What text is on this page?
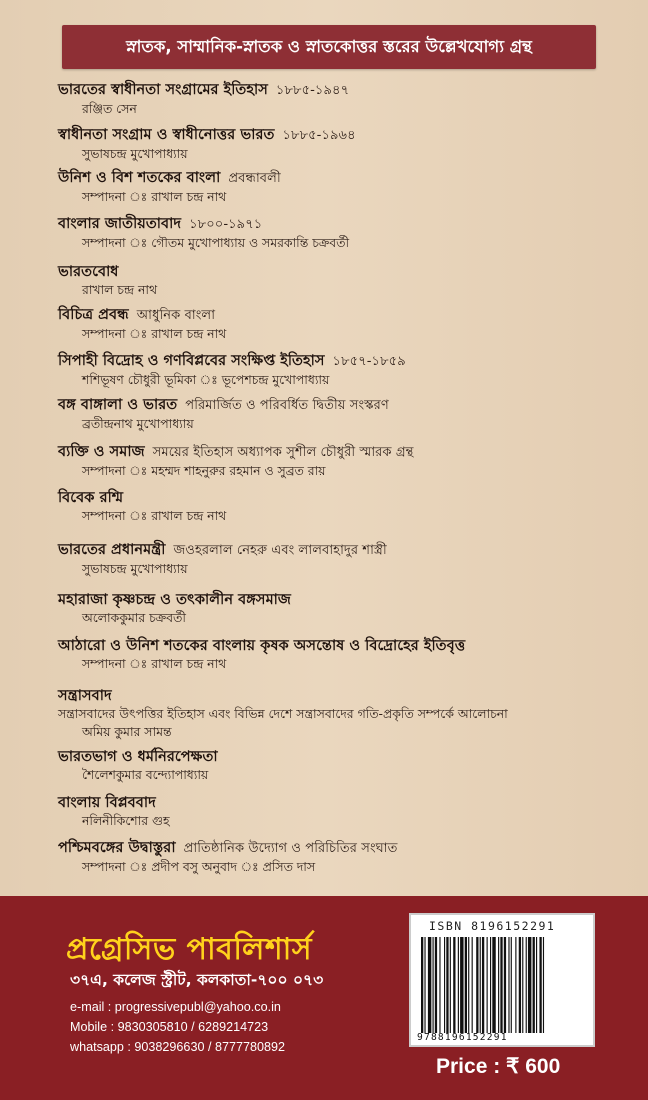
স্নাতক, সাম্মানিক-স্নাতক ও স্নাতকোত্তর স্তরের উল্লেখযোগ্য গ্রন্থ
ভারতের স্বাধীনতা সংগ্রামের ইতিহাস ১৮৮৫-১৯৪৭
রঞ্জিত সেন
স্বাধীনতা সংগ্রাম ও স্বাধীনোত্তর ভারত ১৮৮৫-১৯৬৪
সুভাষচন্দ্র মুখোপাধ্যায়
উনিশ ও বিশ শতকের বাংলা প্রবন্ধাবলী
সম্পাদনা ঃ রাখাল চন্দ্র নাথ
বাংলার জাতীয়তাবাদ ১৮০০-১৯৭১
সম্পাদনা ঃ গৌতম মুখোপাধ্যায় ও সমরকান্তি চক্রবর্তী
ভারতবোধ
রাখাল চন্দ্র নাথ
বিচিত্র প্রবন্ধ আধুনিক বাংলা
সম্পাদনা ঃ রাখাল চন্দ্র নাথ
সিপাহী বিদ্রোহ ও গণবিপ্লবের সংক্ষিপ্ত ইতিহাস ১৮৫৭-১৮৫৯
শশিভূষণ চৌধুরী ভূমিকা ঃ ভূপেশচন্দ্র মুখোপাধ্যায়
বঙ্গ বাঙ্গালা ও ভারত পরিমার্জিত ও পরিবর্ধিত দ্বিতীয় সংস্করণ
ব্রতীন্দ্রনাথ মুখোপাধ্যায়
ব্যক্তি ও সমাজ সময়ের ইতিহাস অধ্যাপক সুশীল চৌধুরী স্মারক গ্রন্থ
সম্পাদনা ঃ মহম্মদ শাহনুরুর রহমান ও সুব্রত রায়
বিবেক রশ্মি
সম্পাদনা ঃ রাখাল চন্দ্র নাথ
ভারতের প্রধানমন্ত্রী জওহরলাল নেহরু এবং লালবাহাদুর শাস্ত্রী
সুভাষচন্দ্র মুখোপাধ্যায়
মহারাজা কৃষ্ণচন্দ্র ও তৎকালীন বঙ্গসমাজ
অলোককুমার চক্রবর্তী
আঠারো ও উনিশ শতকের বাংলায় কৃষক অসন্তোষ ও বিদ্রোহের ইতিবৃত্ত
সম্পাদনা ঃ রাখাল চন্দ্র নাথ
সন্ত্রাসবাদ
সন্ত্রাসবাদের উৎপত্তির ইতিহাস এবং বিভিন্ন দেশে সন্ত্রাসবাদের গতি-প্রকৃতি সম্পর্কে আলোচনা
অমিয় কুমার সামন্ত
ভারতভাগ ও ধর্মনিরপেক্ষতা
শৈলেশকুমার বন্দ্যোপাধ্যায়
বাংলায় বিপ্লববাদ
নলিনীকিশোর গুহ
পশ্চিমবঙ্গের উদ্বাস্তুরা প্রাতিষ্ঠানিক উদ্যোগ ও পরিচিতির সংঘাত
সম্পাদনা ঃ প্রদীপ বসু অনুবাদ ঃ প্রসিত দাস
প্রগ্রেসিভ পাবলিশার্স
৩৭এ, কলেজ স্ট্রীট, কলকাতা-৭০০ ০৭৩
e-mail : progressivepubl@yahoo.co.in
Mobile : 9830305810 / 6289214723
whatsapp : 9038296630 / 8777780892
ISBN 8196152291
9788196152291
Price : ₹ 600
